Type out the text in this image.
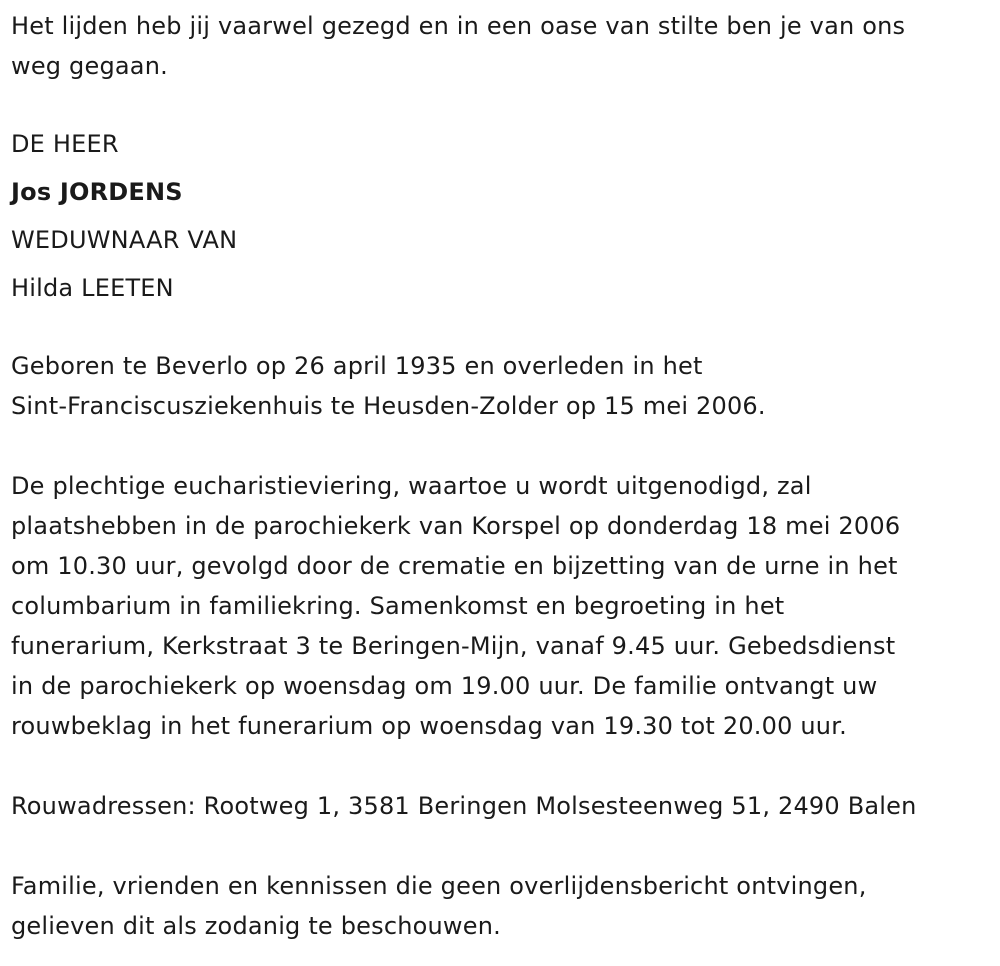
Het lijden heb jij vaarwel gezegd en in een oase van stilte ben je van ons
weg gegaan.
DE HEER
Jos JORDENS
WEDUWNAAR VAN
Hilda LEETEN
Geboren te Beverlo op 26 april 1935 en overleden in het
Sint-Franciscusziekenhuis te Heusden-Zolder op 15 mei 2006.
De plechtige eucharistieviering, waartoe u wordt uitgenodigd, zal
plaatshebben in de parochiekerk van Korspel op donderdag 18 mei 2006
om 10.30 uur, gevolgd door de crematie en bijzetting van de urne in het
columbarium in familiekring. Samenkomst en begroeting in het
funerarium, Kerkstraat 3 te Beringen-Mijn, vanaf 9.45 uur. Gebedsdienst
in de parochiekerk op woensdag om 19.00 uur. De familie ontvangt uw
rouwbeklag in het funerarium op woensdag van 19.30 tot 20.00 uur.
Rouwadressen: Rootweg 1, 3581 Beringen Molsesteenweg 51, 2490 Balen
Familie, vrienden en kennissen die geen overlijdensbericht ontvingen,
gelieven dit als zodanig te beschouwen.
